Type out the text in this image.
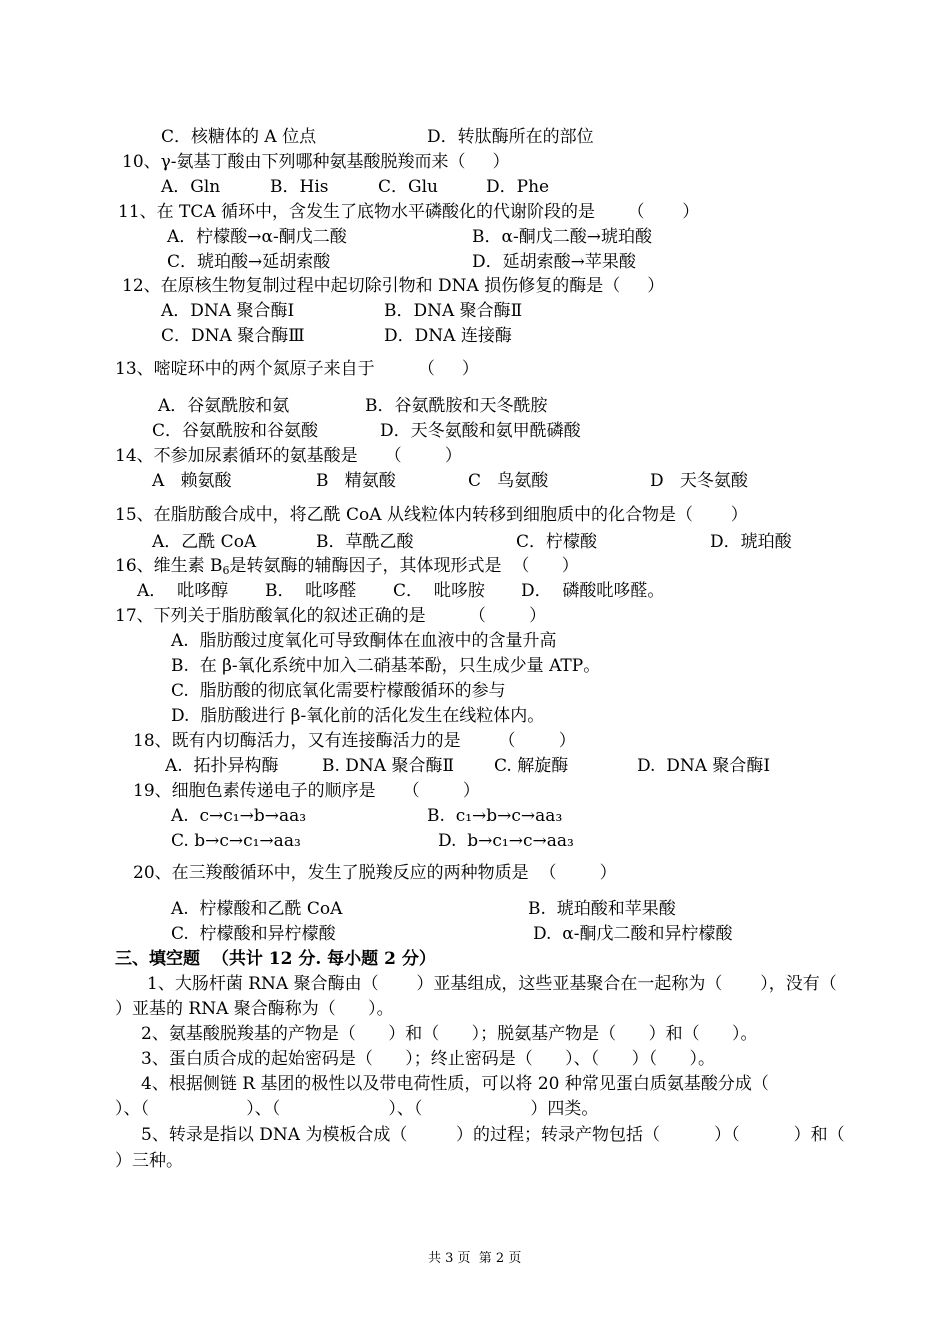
C．核糖体的 A 位点	D．转肽酶所在的部位
10、γ-氨基丁酸由下列哪种氨基酸脱羧而来（     ）
A．Gln	B．His	C．Glu	D．Phe
11、在 TCA 循环中，含发生了底物水平磷酸化的代谢阶段的是      （       ）
A．柠檬酸→α-酮戊二酸	B．α-酮戊二酸→琥珀酸
C．琥珀酸→延胡索酸	D．延胡索酸→苹果酸
12、在原核生物复制过程中起切除引物和 DNA 损伤修复的酶是（     ）
A．DNA 聚合酶Ⅰ	B．DNA 聚合酶Ⅱ
C．DNA 聚合酶Ⅲ	D．DNA 连接酶
13、嘧啶环中的两个氮原子来自于        （     ）
A．谷氨酰胺和氨	B．谷氨酰胺和天冬酰胺
C．谷氨酰胺和谷氨酸	D．天冬氨酸和氨甲酰磷酸
14、不参加尿素循环的氨基酸是     （        ）
A   赖氨酸	B   精氨酸	C   鸟氨酸	D   天冬氨酸
15、在脂肪酸合成中，将乙酰 CoA 从线粒体内转移到细胞质中的化合物是（       ）
A．乙酰 CoA	B．草酰乙酸	C．柠檬酸	D．琥珀酸
16、维生素 $B_6$是转氨酶的辅酶因子，其体现形式是  （      ）
A．  吡哆醇 B．  吡哆醛 C．  吡哆胺 D．  磷酸吡哆醛。
17、下列关于脂肪酸氧化的叙述正确的是        （        ）
A.  脂肪酸过度氧化可导致酮体在血液中的含量升高
B.  在 β-氧化系统中加入二硝基苯酚，只生成少量 ATP。
C.  脂肪酸的彻底氧化需要柠檬酸循环的参与
D.  脂肪酸进行 β-氧化前的活化发生在线粒体内。
18、既有内切酶活力，又有连接酶活力的是       （        ）
A.  拓扑异构酶	B. DNA 聚合酶Ⅱ C. 解旋酶	D.  DNA 聚合酶Ⅰ
19、细胞色素传递电子的顺序是     （        ）
A.  c→c₁→b→aa₃	B.  c₁→b→c→aa₃
C. b→c→c₁→aa₃	D.  b→c₁→c→aa₃
20、在三羧酸循环中，发生了脱羧反应的两种物质是  （        ）
A.  柠檬酸和乙酰 CoA	B.  琥珀酸和苹果酸
C.  柠檬酸和异柠檬酸	D.  α-酮戊二酸和异柠檬酸
三、填空题  （共计 12 分. 每小题 2 分）
1、大肠杆菌 RNA 聚合酶由（       ）亚基组成，这些亚基聚合在一起称为（       ），没有（
）亚基的 RNA 聚合酶称为（      ）。
2、氨基酸脱羧基的产物是（      ）和（      ）；脱氨基产物是（      ）和（      ）。
3、蛋白质合成的起始密码是（      ）；终止密码是（      ）、（      ）（      ）。
4、根据侧链 R 基团的极性以及带电荷性质，可以将 20 种常见蛋白质氨基酸分成（
）、（                  ）、（                    ）、（                    ）四类。
5、转录是指以 DNA 为模板合成（         ）的过程；转录产物包括（          ）（          ）和（
）三种。
共 3 页  第 2 页
